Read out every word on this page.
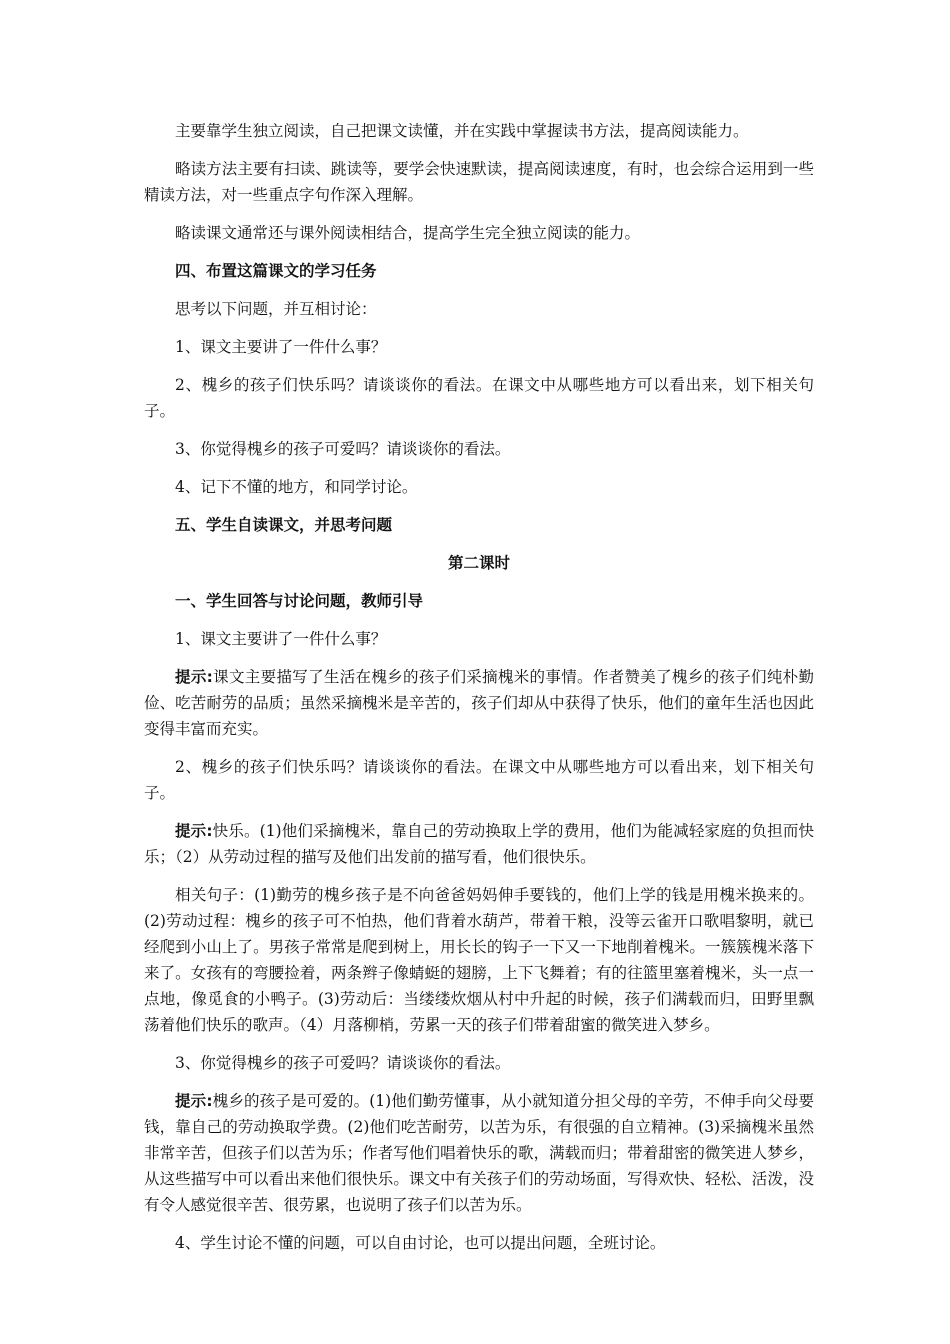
主要靠学生独立阅读，自己把课文读懂，并在实践中掌握读书方法，提高阅读能力。

略读方法主要有扫读、跳读等，要学会快速默读，提高阅读速度，有时，也会综合运用到一些精读方法，对一些重点字句作深入理解。

略读课文通常还与课外阅读相结合，提高学生完全独立阅读的能力。

四、布置这篇课文的学习任务

思考以下问题，并互相讨论：

1、课文主要讲了一件什么事？

2、槐乡的孩子们快乐吗？请谈谈你的看法。在课文中从哪些地方可以看出来，划下相关句子。

3、你觉得槐乡的孩子可爱吗？请谈谈你的看法。

4、记下不懂的地方，和同学讨论。

五、学生自读课文，并思考问题

第二课时

一、学生回答与讨论问题，教师引导

1、课文主要讲了一件什么事？

提示:课文主要描写了生活在槐乡的孩子们采摘槐米的事情。作者赞美了槐乡的孩子们纯朴勤俭、吃苦耐劳的品质；虽然采摘槐米是辛苦的，孩子们却从中获得了快乐，他们的童年生活也因此变得丰富而充实。

2、槐乡的孩子们快乐吗？请谈谈你的看法。在课文中从哪些地方可以看出来，划下相关句子。

提示:快乐。(1)他们采摘槐米，靠自己的劳动换取上学的费用，他们为能减轻家庭的负担而快乐；（2）从劳动过程的描写及他们出发前的描写看，他们很快乐。

相关句子：(1)勤劳的槐乡孩子是不向爸爸妈妈伸手要钱的，他们上学的钱是用槐米换来的。(2)劳动过程：槐乡的孩子可不怕热，他们背着水葫芦，带着干粮，没等云雀开口歌唱黎明，就已经爬到小山上了。男孩子常常是爬到树上，用长长的钩子一下又一下地削着槐米。一簇簇槐米落下来了。女孩有的弯腰捡着，两条辫子像蜻蜓的翅膀，上下飞舞着；有的往篮里塞着槐米，头一点一点地，像觅食的小鸭子。(3)劳动后：当缕缕炊烟从村中升起的时候，孩子们满载而归，田野里飘荡着他们快乐的歌声。（4）月落柳梢，劳累一天的孩子们带着甜蜜的微笑进入梦乡。

3、你觉得槐乡的孩子可爱吗？请谈谈你的看法。

提示:槐乡的孩子是可爱的。(1)他们勤劳懂事，从小就知道分担父母的辛劳，不伸手向父母要钱，靠自己的劳动换取学费。(2)他们吃苦耐劳，以苦为乐，有很强的自立精神。(3)采摘槐米虽然非常辛苦，但孩子们以苦为乐；作者写他们唱着快乐的歌，满载而归；带着甜密的微笑进人梦乡，从这些描写中可以看出来他们很快乐。课文中有关孩子们的劳动场面，写得欢快、轻松、活泼，没有令人感觉很辛苦、很劳累，也说明了孩子们以苦为乐。

4、学生讨论不懂的问题，可以自由讨论，也可以提出问题，全班讨论。
